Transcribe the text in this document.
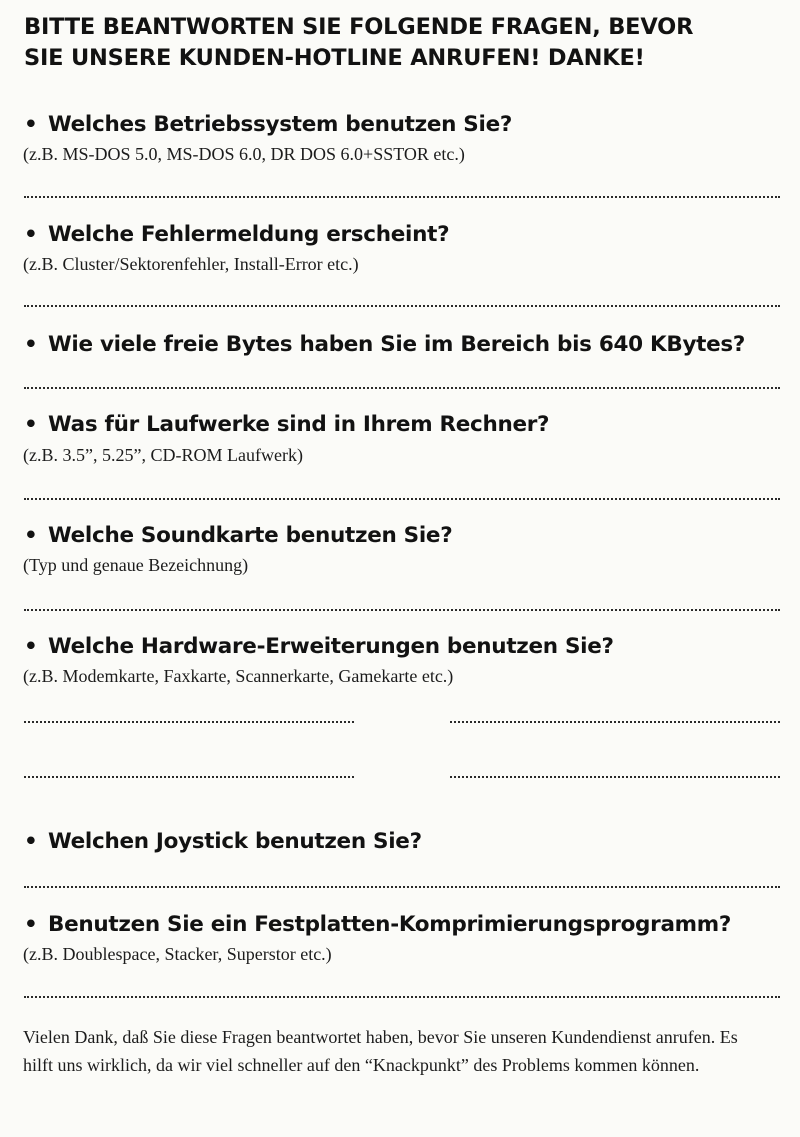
BITTE BEANTWORTEN SIE FOLGENDE FRAGEN, BEVOR
SIE UNSERE KUNDEN-HOTLINE ANRUFEN! DANKE!
• Welches Betriebssystem benutzen Sie?
(z.B. MS-DOS 5.0, MS-DOS 6.0, DR DOS 6.0+SSTOR etc.)
• Welche Fehlermeldung erscheint?
(z.B. Cluster/Sektorenfehler, Install-Error etc.)
• Wie viele freie Bytes haben Sie im Bereich bis 640 KBytes?
• Was für Laufwerke sind in Ihrem Rechner?
(z.B. 3.5”, 5.25”, CD-ROM Laufwerk)
• Welche Soundkarte benutzen Sie?
(Typ und genaue Bezeichnung)
• Welche Hardware-Erweiterungen benutzen Sie?
(z.B. Modemkarte, Faxkarte, Scannerkarte, Gamekarte etc.)
• Welchen Joystick benutzen Sie?
• Benutzen Sie ein Festplatten-Komprimierungsprogramm?
(z.B. Doublespace, Stacker, Superstor etc.)

Vielen Dank, daß Sie diese Fragen beantwortet haben, bevor Sie unseren Kundendienst anrufen. Es hilft uns wirklich, da wir viel schneller auf den “Knackpunkt” des Problems kommen können.
